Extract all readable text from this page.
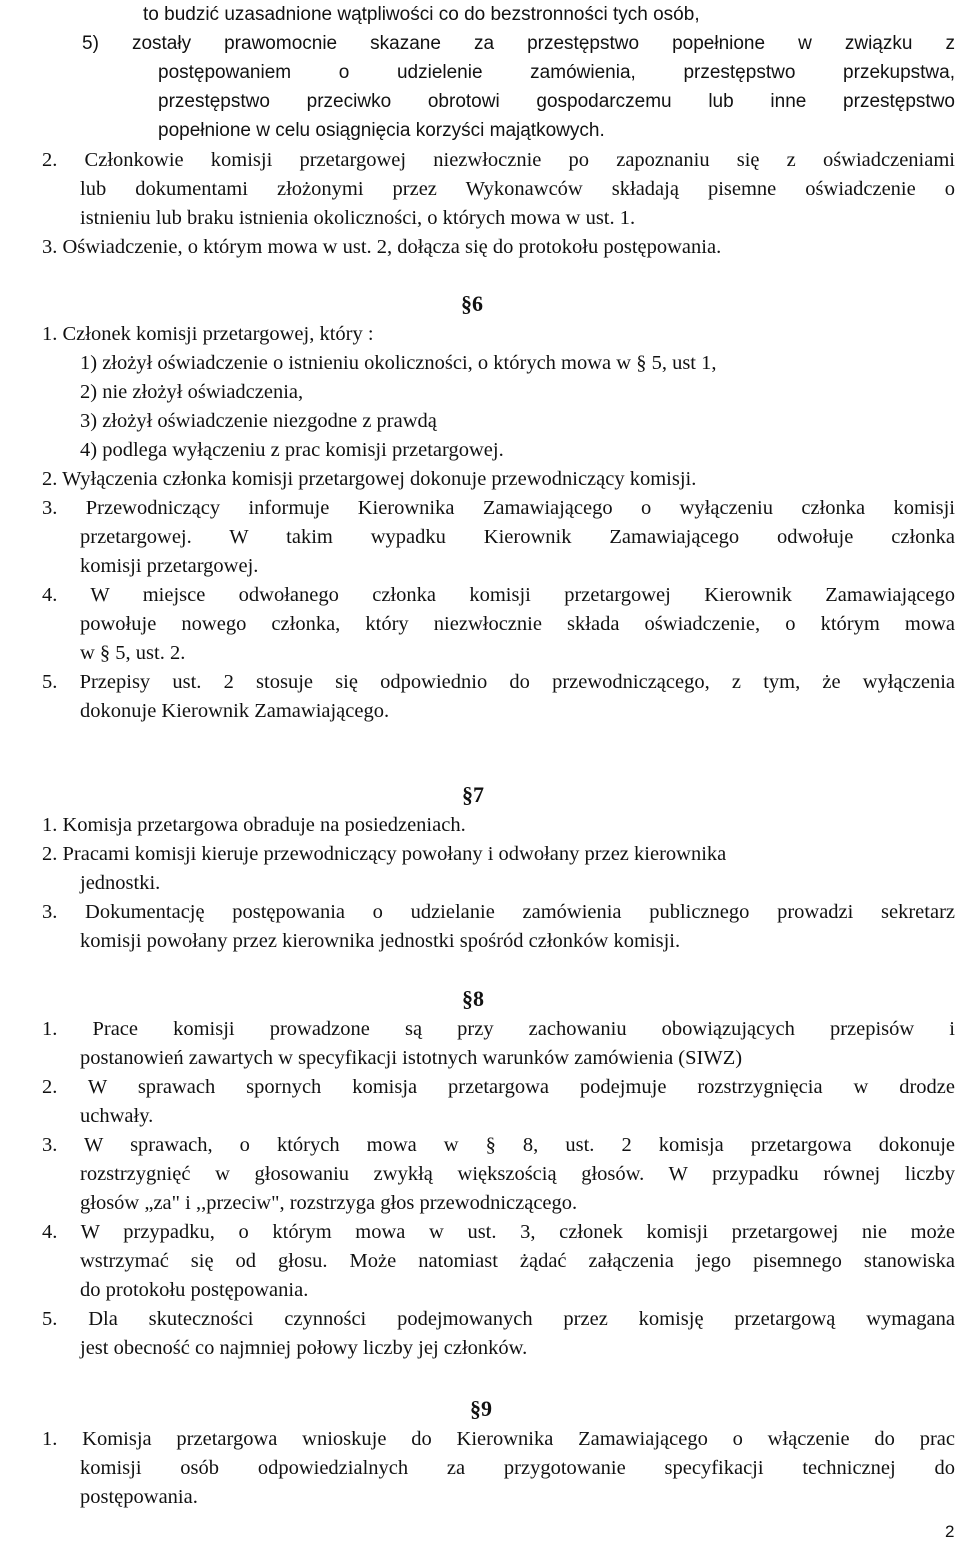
to budzić uzasadnione wątpliwości co do bezstronności tych osób,
5) zostały prawomocnie skazane za przestępstwo popełnione w związku z
postępowaniem o udzielenie zamówienia, przestępstwo przekupstwa,
przestępstwo przeciwko obrotowi gospodarczemu lub inne przestępstwo
popełnione w celu osiągnięcia korzyści majątkowych.
2. Członkowie komisji przetargowej niezwłocznie po zapoznaniu się z oświadczeniami
lub dokumentami złożonymi przez Wykonawców składają pisemne oświadczenie o
istnieniu lub braku istnienia okoliczności, o których mowa w ust. 1.
3. Oświadczenie, o którym mowa w ust. 2, dołącza się do protokołu postępowania.
§6
1. Członek komisji przetargowej, który :
1) złożył oświadczenie o istnieniu okoliczności, o których mowa w § 5, ust 1,
2) nie złożył oświadczenia,
3) złożył oświadczenie niezgodne z prawdą
4) podlega wyłączeniu z prac komisji przetargowej.
2. Wyłączenia członka komisji przetargowej dokonuje przewodniczący komisji.
3. Przewodniczący informuje Kierownika Zamawiającego o wyłączeniu członka komisji
przetargowej. W takim wypadku Kierownik Zamawiającego odwołuje członka
komisji przetargowej.
4. W miejsce odwołanego członka komisji przetargowej Kierownik Zamawiającego
powołuje nowego członka, który niezwłocznie składa oświadczenie, o którym mowa
w § 5, ust. 2.
5. Przepisy ust. 2 stosuje się odpowiednio do przewodniczącego, z tym, że wyłączenia
dokonuje Kierownik Zamawiającego.
§7
1. Komisja przetargowa obraduje na posiedzeniach.
2. Pracami komisji kieruje przewodniczący powołany i odwołany przez kierownika
jednostki.
3. Dokumentację postępowania o udzielanie zamówienia publicznego prowadzi sekretarz
komisji powołany przez kierownika jednostki spośród członków komisji.
§8
1. Prace komisji prowadzone są przy zachowaniu obowiązujących przepisów i
postanowień zawartych w specyfikacji istotnych warunków zamówienia (SIWZ)
2. W sprawach spornych komisja przetargowa podejmuje rozstrzygnięcia w drodze
uchwały.
3. W sprawach, o których mowa w § 8, ust. 2 komisja przetargowa dokonuje
rozstrzygnięć w głosowaniu zwykłą większością głosów. W przypadku równej liczby
głosów „za" i ,,przeciw", rozstrzyga głos przewodniczącego.
4. W przypadku, o którym mowa w ust. 3, członek komisji przetargowej nie może
wstrzymać się od głosu. Może natomiast żądać załączenia jego pisemnego stanowiska
do protokołu postępowania.
5. Dla skuteczności czynności podejmowanych przez komisję przetargową wymagana
jest obecność co najmniej połowy liczby jej członków.
§9
1. Komisja przetargowa wnioskuje do Kierownika Zamawiającego o włączenie do prac
komisji osób odpowiedzialnych za przygotowanie specyfikacji technicznej do
postępowania.
2
